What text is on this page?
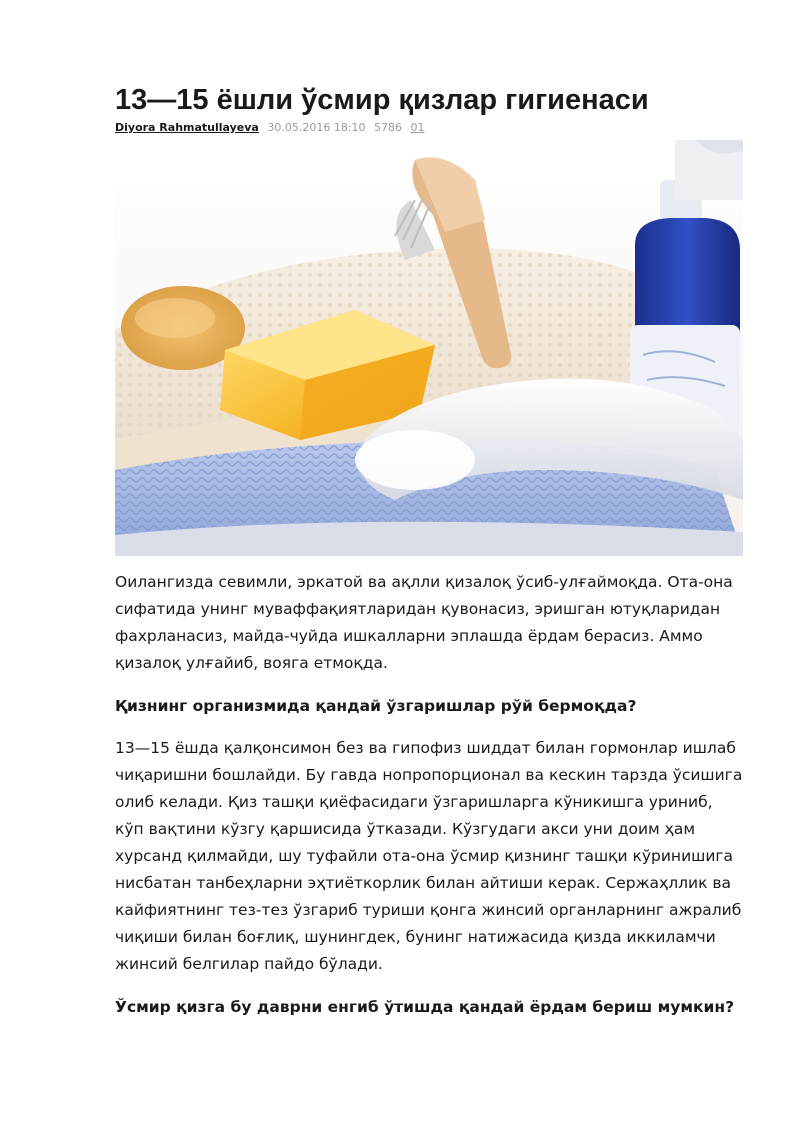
13—15 ёшли ўсмир қизлар гигиенаси
Diyora Rahmatullayeva 30.05.2016 18:10 5786 01

Оилангизда севимли, эркатой ва ақлли қизалоқ ўсиб-улғаймоқда. Ота-она сифатида унинг муваффақиятларидан қувонасиз, эришган ютуқларидан фахрланасиз, майда-чуйда ишкалларни эплашда ёрдам берасиз. Аммо қизалоқ улғайиб, вояга етмоқда.

Қизнинг организмида қандай ўзгаришлар рўй бермоқда?

13—15 ёшда қалқонсимон без ва гипофиз шиддат билан гормонлар ишлаб чиқаришни бошлайди. Бу гавда нопропорционал ва кескин тарзда ўсишига олиб келади. Қиз ташқи қиёфасидаги ўзгаришларга кўникишга уриниб, кўп вақтини кўзгу қаршисида ўтказади. Кўзгудаги акси уни доим ҳам хурсанд қилмайди, шу туфайли ота-она ўсмир қизнинг ташқи кўринишига нисбатан танбеҳларни эҳтиёткорлик билан айтиши керак. Сержаҳллик ва кайфиятнинг тез-тез ўзгариб туриши қонга жинсий органларнинг ажралиб чиқиши билан боғлиқ, шунингдек, бунинг натижасида қизда иккиламчи жинсий белгилар пайдо бўлади.

Ўсмир қизга бу даврни енгиб ўтишда қандай ёрдам бериш мумкин?
